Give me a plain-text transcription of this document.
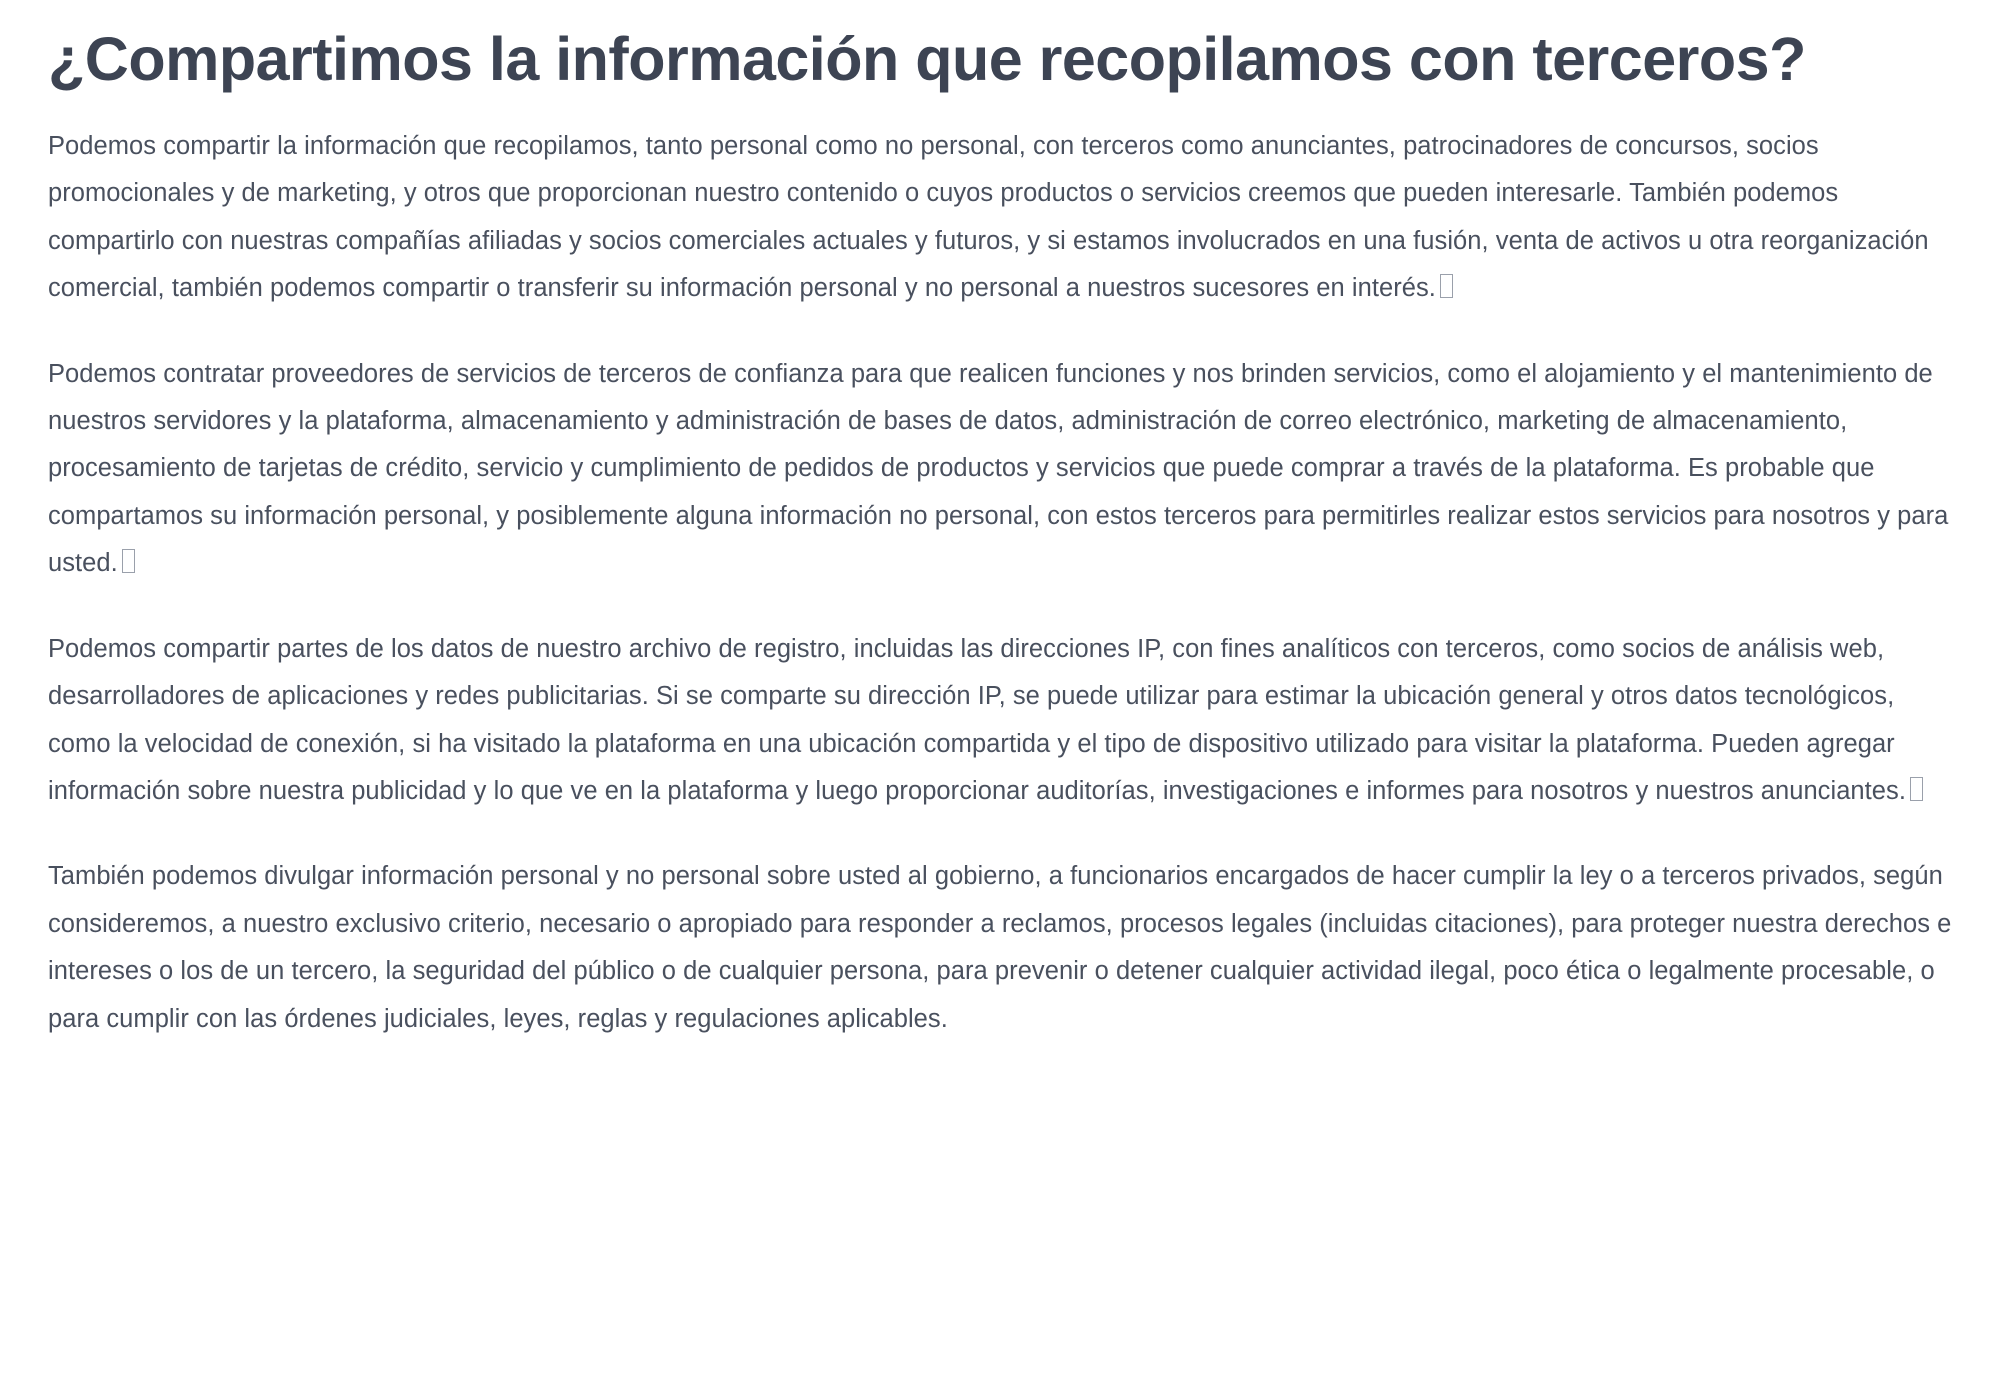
¿Compartimos la información que recopilamos con terceros?

Podemos compartir la información que recopilamos, tanto personal como no personal, con terceros como anunciantes, patrocinadores de concursos, socios promocionales y de marketing, y otros que proporcionan nuestro contenido o cuyos productos o servicios creemos que pueden interesarle. También podemos compartirlo con nuestras compañías afiliadas y socios comerciales actuales y futuros, y si estamos involucrados en una fusión, venta de activos u otra reorganización comercial, también podemos compartir o transferir su información personal y no personal a nuestros sucesores en interés.

Podemos contratar proveedores de servicios de terceros de confianza para que realicen funciones y nos brinden servicios, como el alojamiento y el mantenimiento de nuestros servidores y la plataforma, almacenamiento y administración de bases de datos, administración de correo electrónico, marketing de almacenamiento, procesamiento de tarjetas de crédito, servicio y cumplimiento de pedidos de productos y servicios que puede comprar a través de la plataforma. Es probable que compartamos su información personal, y posiblemente alguna información no personal, con estos terceros para permitirles realizar estos servicios para nosotros y para usted.

Podemos compartir partes de los datos de nuestro archivo de registro, incluidas las direcciones IP, con fines analíticos con terceros, como socios de análisis web, desarrolladores de aplicaciones y redes publicitarias. Si se comparte su dirección IP, se puede utilizar para estimar la ubicación general y otros datos tecnológicos, como la velocidad de conexión, si ha visitado la plataforma en una ubicación compartida y el tipo de dispositivo utilizado para visitar la plataforma. Pueden agregar información sobre nuestra publicidad y lo que ve en la plataforma y luego proporcionar auditorías, investigaciones e informes para nosotros y nuestros anunciantes.

También podemos divulgar información personal y no personal sobre usted al gobierno, a funcionarios encargados de hacer cumplir la ley o a terceros privados, según consideremos, a nuestro exclusivo criterio, necesario o apropiado para responder a reclamos, procesos legales (incluidas citaciones), para proteger nuestra derechos e intereses o los de un tercero, la seguridad del público o de cualquier persona, para prevenir o detener cualquier actividad ilegal, poco ética o legalmente procesable, o para cumplir con las órdenes judiciales, leyes, reglas y regulaciones aplicables.
